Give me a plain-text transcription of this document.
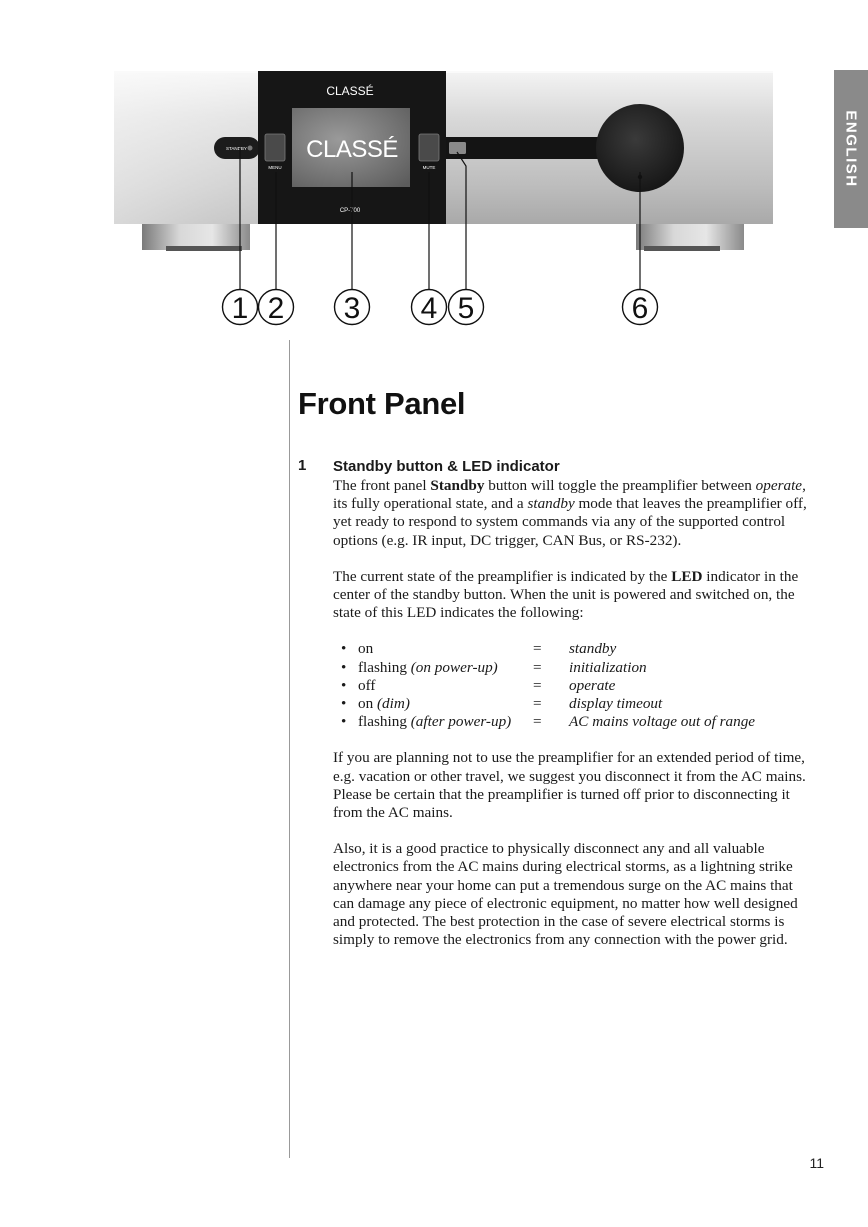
ENGLISH
STANDBY
CLASSÉ
MENU
CLASSÉ
CP-700
MUTE
1 2 3 4 5	6
Front Panel
1 Standby button & LED indicator

The front panel Standby button will toggle the preamplifier between operate, its fully operational state, and a standby mode that leaves the preamplifier off, yet ready to respond to system commands via any of the supported control options (e.g. IR input, DC trigger, CAN Bus, or RS-232).

The current state of the preamplifier is indicated by the LED indicator in the center of the standby button. When the unit is powered and switched on, the state of this LED indicates the following:

• on	= standby
• flashing (on power-up) = initialization
• off	= operate
• on (dim)	= display timeout
• flashing (after power-up) = AC mains voltage out of range

If you are planning not to use the preamplifier for an extended period of time, e.g. vacation or other travel, we suggest you disconnect it from the AC mains. Please be certain that the preamplifier is turned off prior to disconnecting it from the AC mains.

Also, it is a good practice to physically disconnect any and all valuable electronics from the AC mains during electrical storms, as a lightning strike anywhere near your home can put a tremendous surge on the AC mains that can damage any piece of electronic equipment, no matter how well designed and protected. The best protection in the case of severe electrical storms is simply to remove the electronics from any connection with the power grid.

11
